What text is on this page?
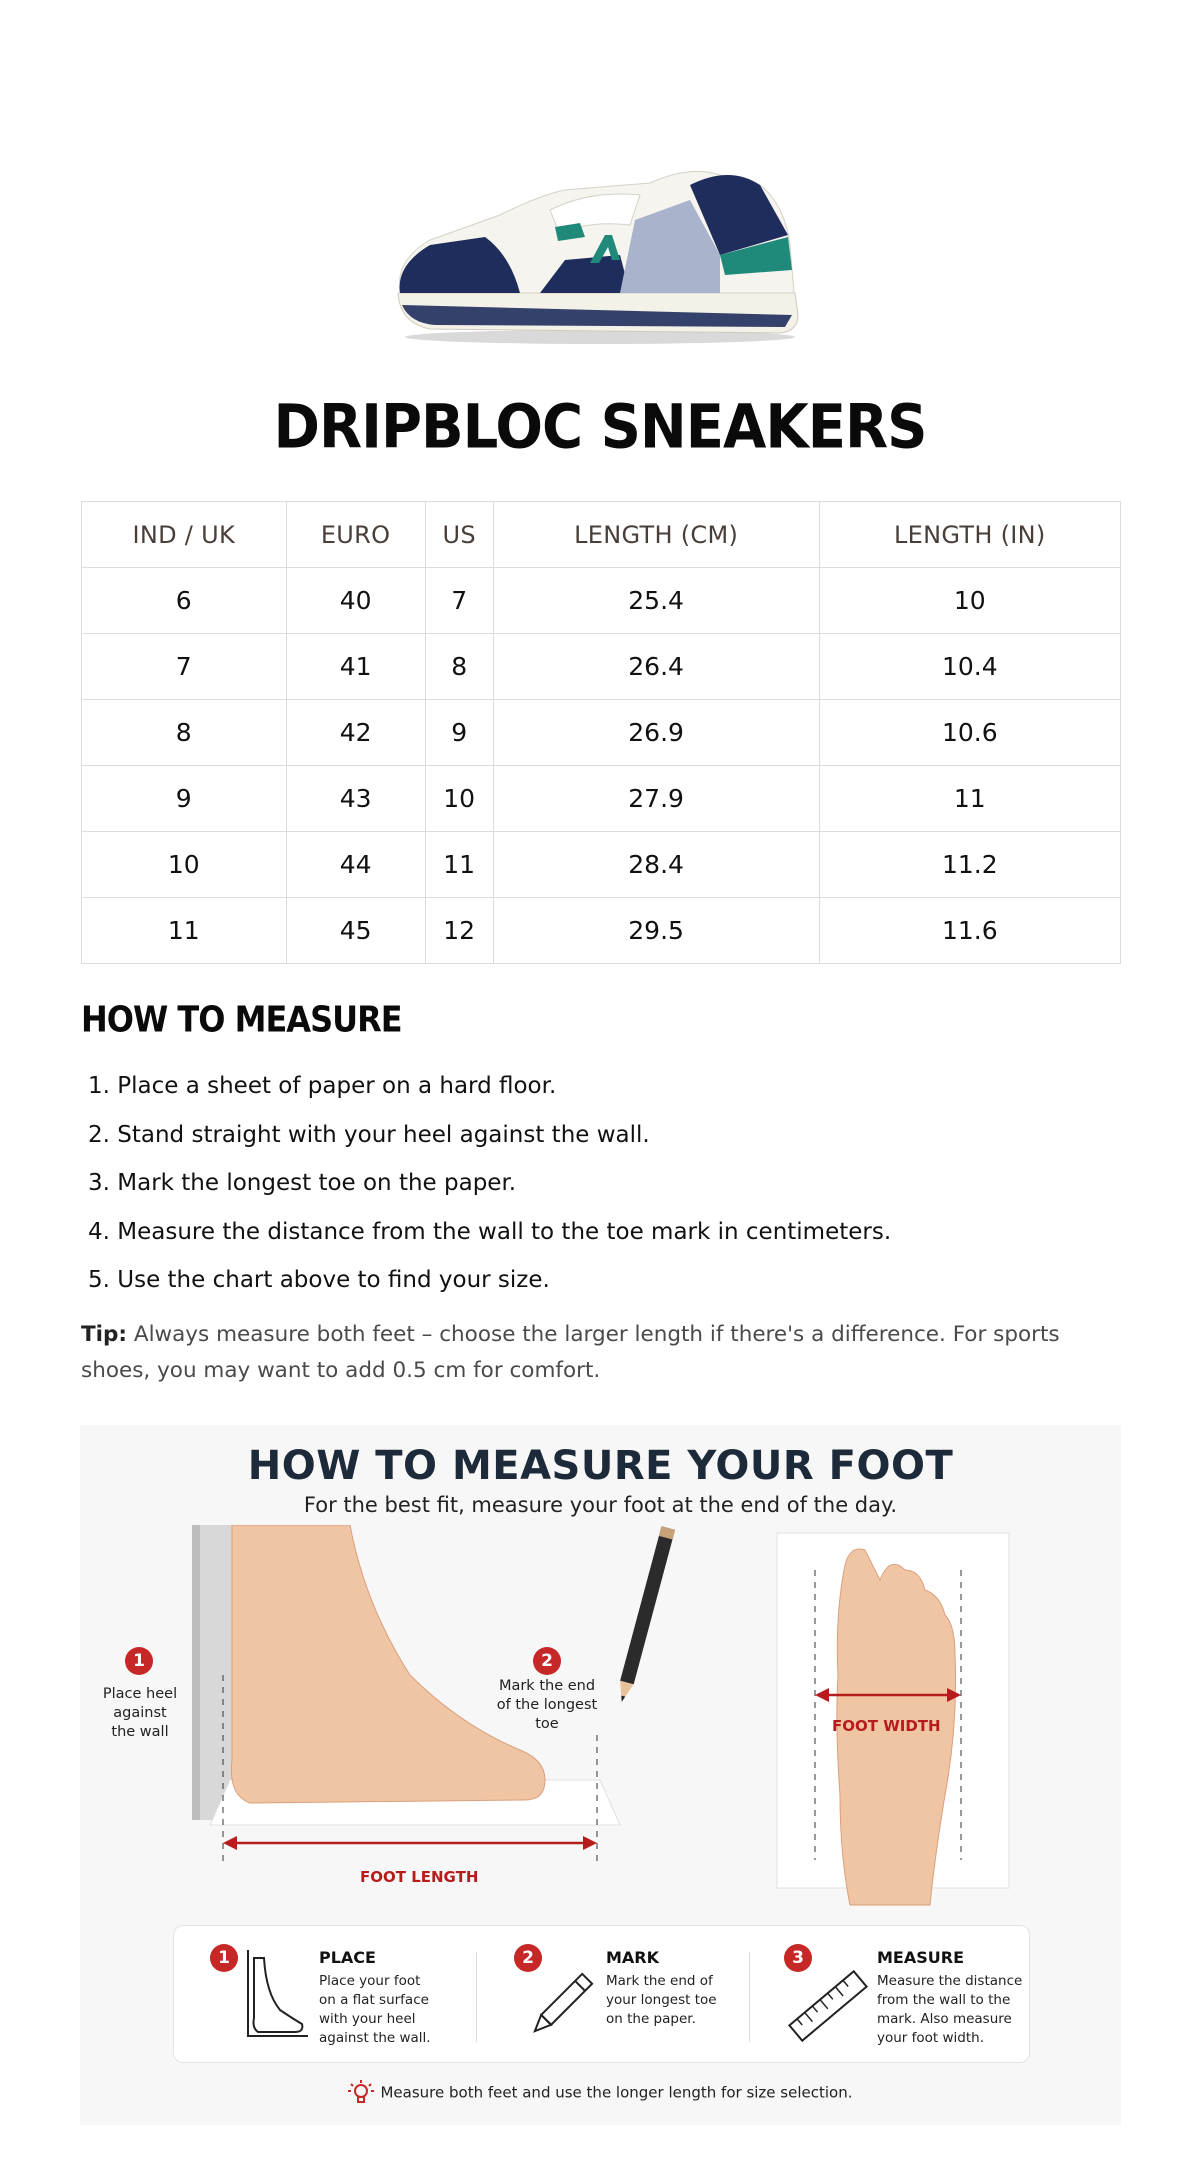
DRIPBLOC SNEAKERS
IND / UK	EURO	US	LENGTH (CM)	LENGTH (IN)
6	40	7	25.4	10
7	41	8	26.4	10.4
8	42	9	26.9	10.6
9	43	10	27.9	11
10	44	11	28.4	11.2
11	45	12	29.5	11.6
HOW TO MEASURE
1. Place a sheet of paper on a hard floor.
2. Stand straight with your heel against the wall.
3. Mark the longest toe on the paper.
4. Measure the distance from the wall to the toe mark in centimeters.
5. Use the chart above to find your size.

Tip: Always measure both feet – choose the larger length if there's a difference. For sports shoes, you may want to add 0.5 cm for comfort.

HOW TO MEASURE YOUR FOOT
For the best fit, measure your foot at the end of the day.
1
Place heel
against
the wall
2
Mark the end
of the longest
toe
FOOT LENGTH
FOOT WIDTH
1	PLACE
Place your foot
on a flat surface
with your heel
against the wall.
2	MARK
Mark the end of
your longest toe
on the paper.
3	MEASURE
Measure the distance
from the wall to the
mark. Also measure
your foot width.
Measure both feet and use the longer length for size selection.
